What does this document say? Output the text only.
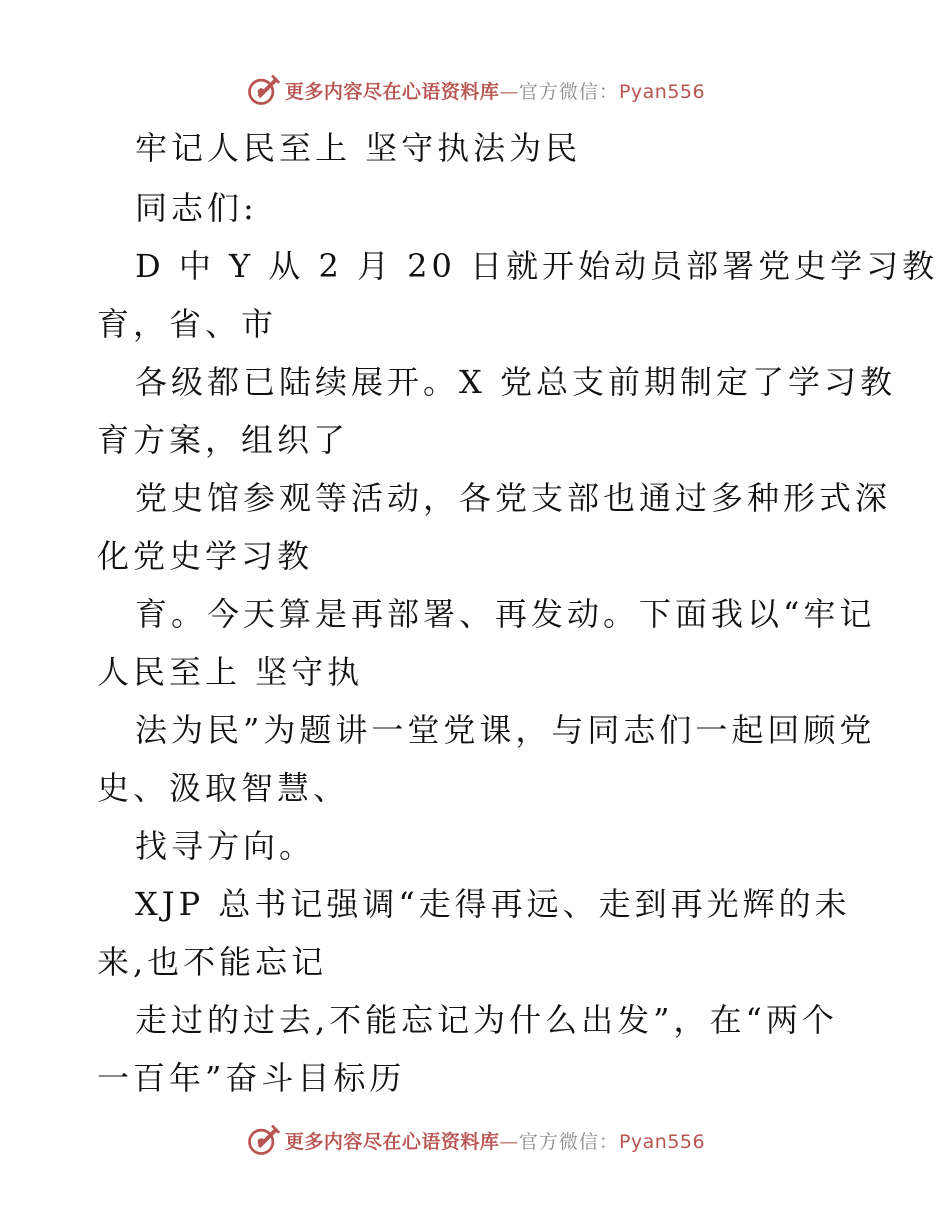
更多内容尽在心语资料库—官方微信：Pyan556
牢记人民至上 坚守执法为民
同志们:
D 中 Y 从 2 月 20 日就开始动员部署党史学习教
育，省、市
各级都已陆续展开。X 党总支前期制定了学习教
育方案，组织了
党史馆参观等活动，各党支部也通过多种形式深
化党史学习教
育。今天算是再部署、再发动。下面我以“牢记
人民至上 坚守执
法为民”为题讲一堂党课，与同志们一起回顾党
史、汲取智慧、
找寻方向。
XJP 总书记强调“走得再远、走到再光辉的未
来,也不能忘记
走过的过去,不能忘记为什么出发”，在“两个
一百年”奋斗目标历
更多内容尽在心语资料库—官方微信：Pyan556
